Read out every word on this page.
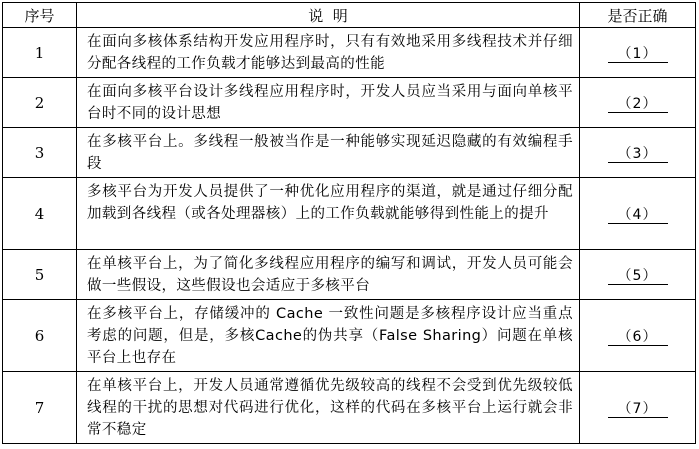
序号	说  明	是否正确
1	在面向多核体系结构开发应用程序时，只有有效地采用多线程技术并仔细分配各线程的工作负载才能够达到最高的性能	（1）
2	在面向多核平台设计多线程应用程序时，开发人员应当采用与面向单核平台时不同的设计思想	（2）
3	在多核平台上。多线程一般被当作是一种能够实现延迟隐藏的有效编程手段	（3）
4	多核平台为开发人员提供了一种优化应用程序的渠道，就是通过仔细分配加载到各线程（或各处理器核）上的工作负载就能够得到性能上的提升	（4）
5	在单核平台上，为了简化多线程应用程序的编写和调试，开发人员可能会做一些假设，这些假设也会适应于多核平台	（5）
6	在多核平台上，存储缓冲的 Cache 一致性问题是多核程序设计应当重点考虑的问题，但是，多核Cache的伪共享（False Sharing）问题在单核平台上也存在	（6）
7	在单核平台上，开发人员通常遵循优先级较高的线程不会受到优先级较低线程的干扰的思想对代码进行优化，这样的代码在多核平台上运行就会非常不稳定	（7）
